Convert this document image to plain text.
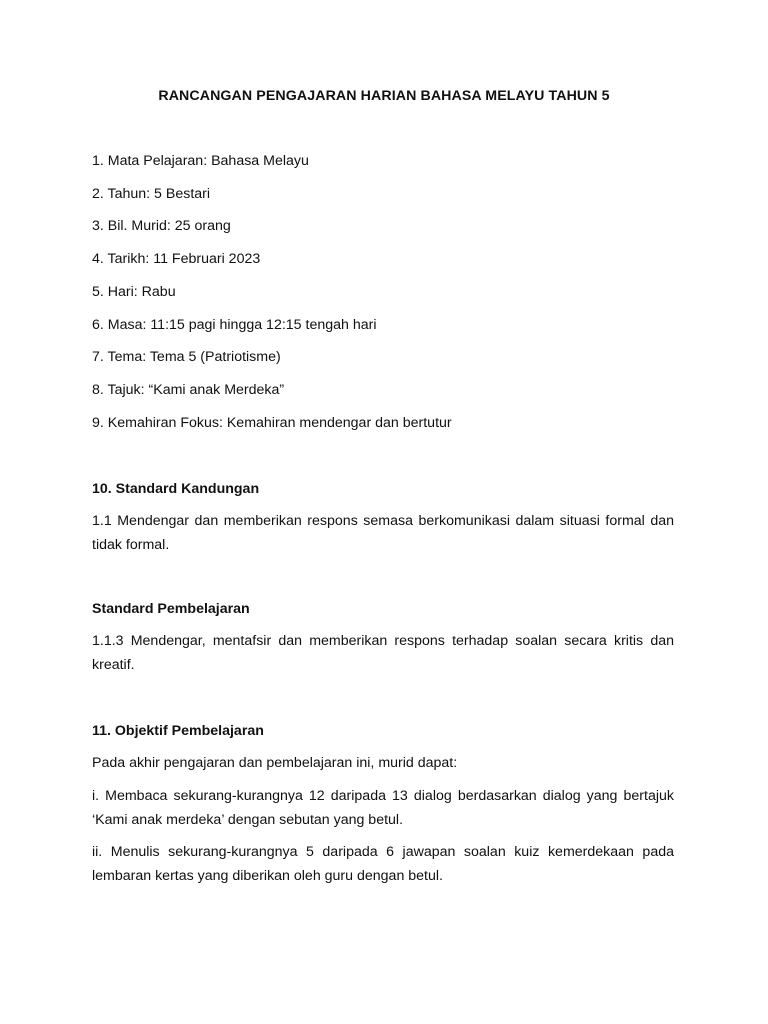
RANCANGAN PENGAJARAN HARIAN BAHASA MELAYU TAHUN 5
1. Mata Pelajaran: Bahasa Melayu
2. Tahun: 5 Bestari
3. Bil. Murid: 25 orang
4. Tarikh: 11 Februari 2023
5. Hari: Rabu
6. Masa: 11:15 pagi hingga 12:15 tengah hari
7. Tema: Tema 5 (Patriotisme)
8. Tajuk: “Kami anak Merdeka”
9. Kemahiran Fokus: Kemahiran mendengar dan bertutur
10. Standard Kandungan
1.1 Mendengar dan memberikan respons semasa berkomunikasi dalam situasi formal dan tidak formal.
Standard Pembelajaran
1.1.3 Mendengar, mentafsir dan memberikan respons terhadap soalan secara kritis dan kreatif.
11. Objektif Pembelajaran
Pada akhir pengajaran dan pembelajaran ini, murid dapat:
i. Membaca sekurang-kurangnya 12 daripada 13 dialog berdasarkan dialog yang bertajuk ‘Kami anak merdeka’ dengan sebutan yang betul.
ii. Menulis sekurang-kurangnya 5 daripada 6 jawapan soalan kuiz kemerdekaan pada lembaran kertas yang diberikan oleh guru dengan betul.
